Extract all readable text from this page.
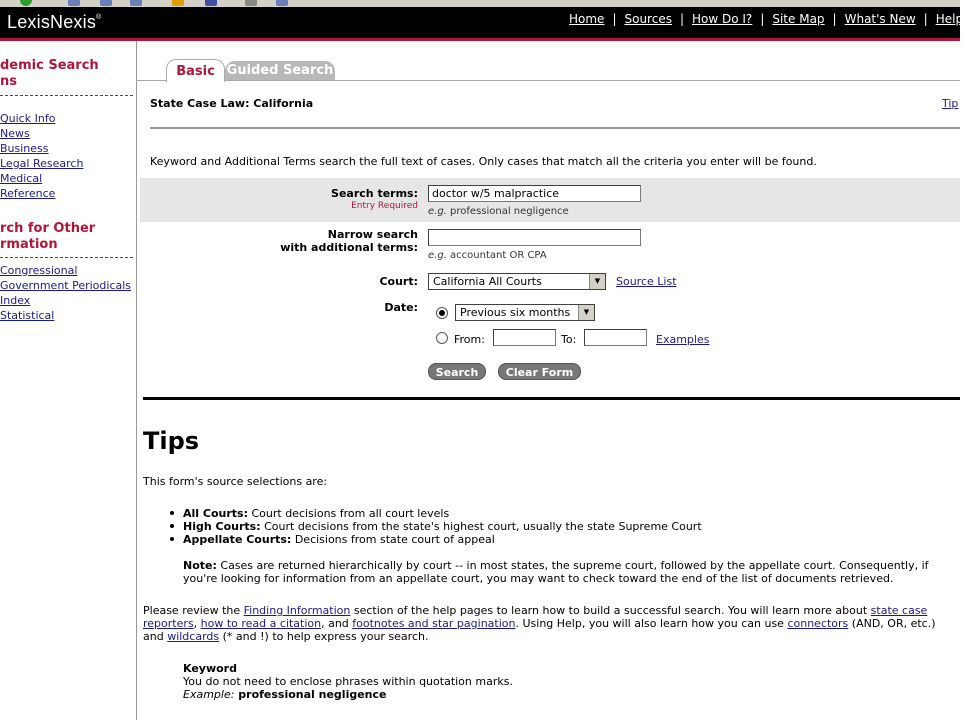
LexisNexis®	Home | Sources | How Do I? | Site Map | What's New | Help
demic Search
ns
Quick Info
News
Business
Legal Research
Medical
Reference
rch for Other
rmation
Congressional
Government Periodicals
Index
Statistical
Basic Guided Search
State Case Law: California	Tip
Keyword and Additional Terms search the full text of cases. Only cases that match all the criteria you enter will be found.
Search terms:
Entry Required
doctor w/5 malpractice e.g. professional negligence
Narrow search
with additional terms:
e.g. accountant OR CPA
Court:	California All Courts	▼	Source List
Date:	Previous six months	▼
From:	To:	Examples
Search	Clear Form
Tips
This form's source selections are:
All Courts: Court decisions from all court levels
High Courts: Court decisions from the state's highest court, usually the state Supreme Court
Appellate Courts: Decisions from state court of appeal
Note: Cases are returned hierarchically by court -- in most states, the supreme court, followed by the appellate court. Consequently, if
you're looking for information from an appellate court, you may want to check toward the end of the list of documents retrieved.
Please review the Finding Information section of the help pages to learn how to build a successful search. You will learn more about state case
reporters, how to read a citation, and footnotes and star pagination. Using Help, you will also learn how you can use connectors (AND, OR, etc.)
and wildcards (* and !) to help express your search.
Keyword
You do not need to enclose phrases within quotation marks.
Example: professional negligence
